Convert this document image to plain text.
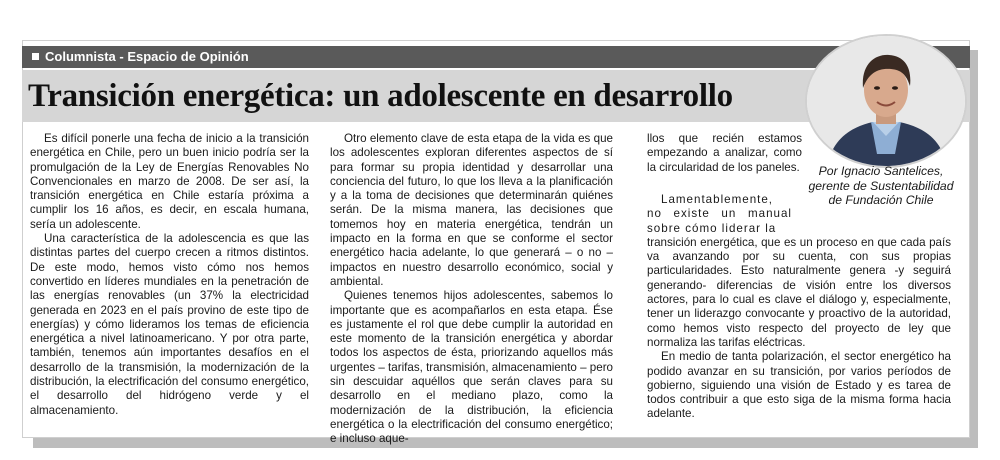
Columnista - Espacio de Opinión
Transición energética: un adolescente en desarrollo

Es difícil ponerle una fecha de inicio a la transición energética en Chile, pero un buen inicio podría ser la promulgación de la Ley de Energías Renovables No Convencionales en marzo de 2008. De ser así, la transición energética en Chile estaría próxima a cumplir los 16 años, es decir, en escala humana, sería un adolescente.

Una característica de la adolescencia es que las distintas partes del cuerpo crecen a ritmos distintos. De este modo, hemos visto cómo nos hemos convertido en líderes mundiales en la penetración de las energías renovables (un 37% la electricidad generada en 2023 en el país provino de este tipo de energías) y cómo lideramos los temas de eficiencia energética a nivel latinoamericano. Y por otra parte, también, tenemos aún importantes desafíos en el desarrollo de la transmisión, la modernización de la distribución, la electrificación del consumo energético, el desarrollo del hidrógeno verde y el almacenamiento.

Otro elemento clave de esta etapa de la vida es que los adolescentes exploran diferentes aspectos de sí para formar su propia identidad y desarrollar una conciencia del futuro, lo que los lleva a la planificación y a la toma de decisiones que determinarán quiénes serán. De la misma manera, las decisiones que tomemos hoy en materia energética, tendrán un impacto en la forma en que se conforme el sector energético hacia adelante, lo que generará – o no – impactos en nuestro desarrollo económico, social y ambiental.

Quienes tenemos hijos adolescentes, sabemos lo importante que es acompañarlos en esta etapa. Ése es justamente el rol que debe cumplir la autoridad en este momento de la transición energética y abordar todos los aspectos de ésta, priorizando aquellos más urgentes – tarifas, transmisión, almacenamiento – pero sin descuidar aquéllos que serán claves para su desarrollo en el mediano plazo, como la modernización de la distribución, la eficiencia energética o la electrificación del consumo energético; e incluso aque-

llos que recién estamos empezando a analizar, como la circularidad de los paneles.

Lamentablemente, no existe un manual sobre cómo liderar la

transición energética, que es un proceso en que cada país va avanzando por su cuenta, con sus propias particularidades. Esto naturalmente genera -y seguirá generando- diferencias de visión entre los diversos actores, para lo cual es clave el diálogo y, especialmente, tener un liderazgo convocante y proactivo de la autoridad, como hemos visto respecto del proyecto de ley que normaliza las tarifas eléctricas.

En medio de tanta polarización, el sector energético ha podido avanzar en su transición, por varios períodos de gobierno, siguiendo una visión de Estado y es tarea de todos contribuir a que esto siga de la misma forma hacia adelante.

Por Ignacio Santelices,
gerente de Sustentabilidad
de Fundación Chile
